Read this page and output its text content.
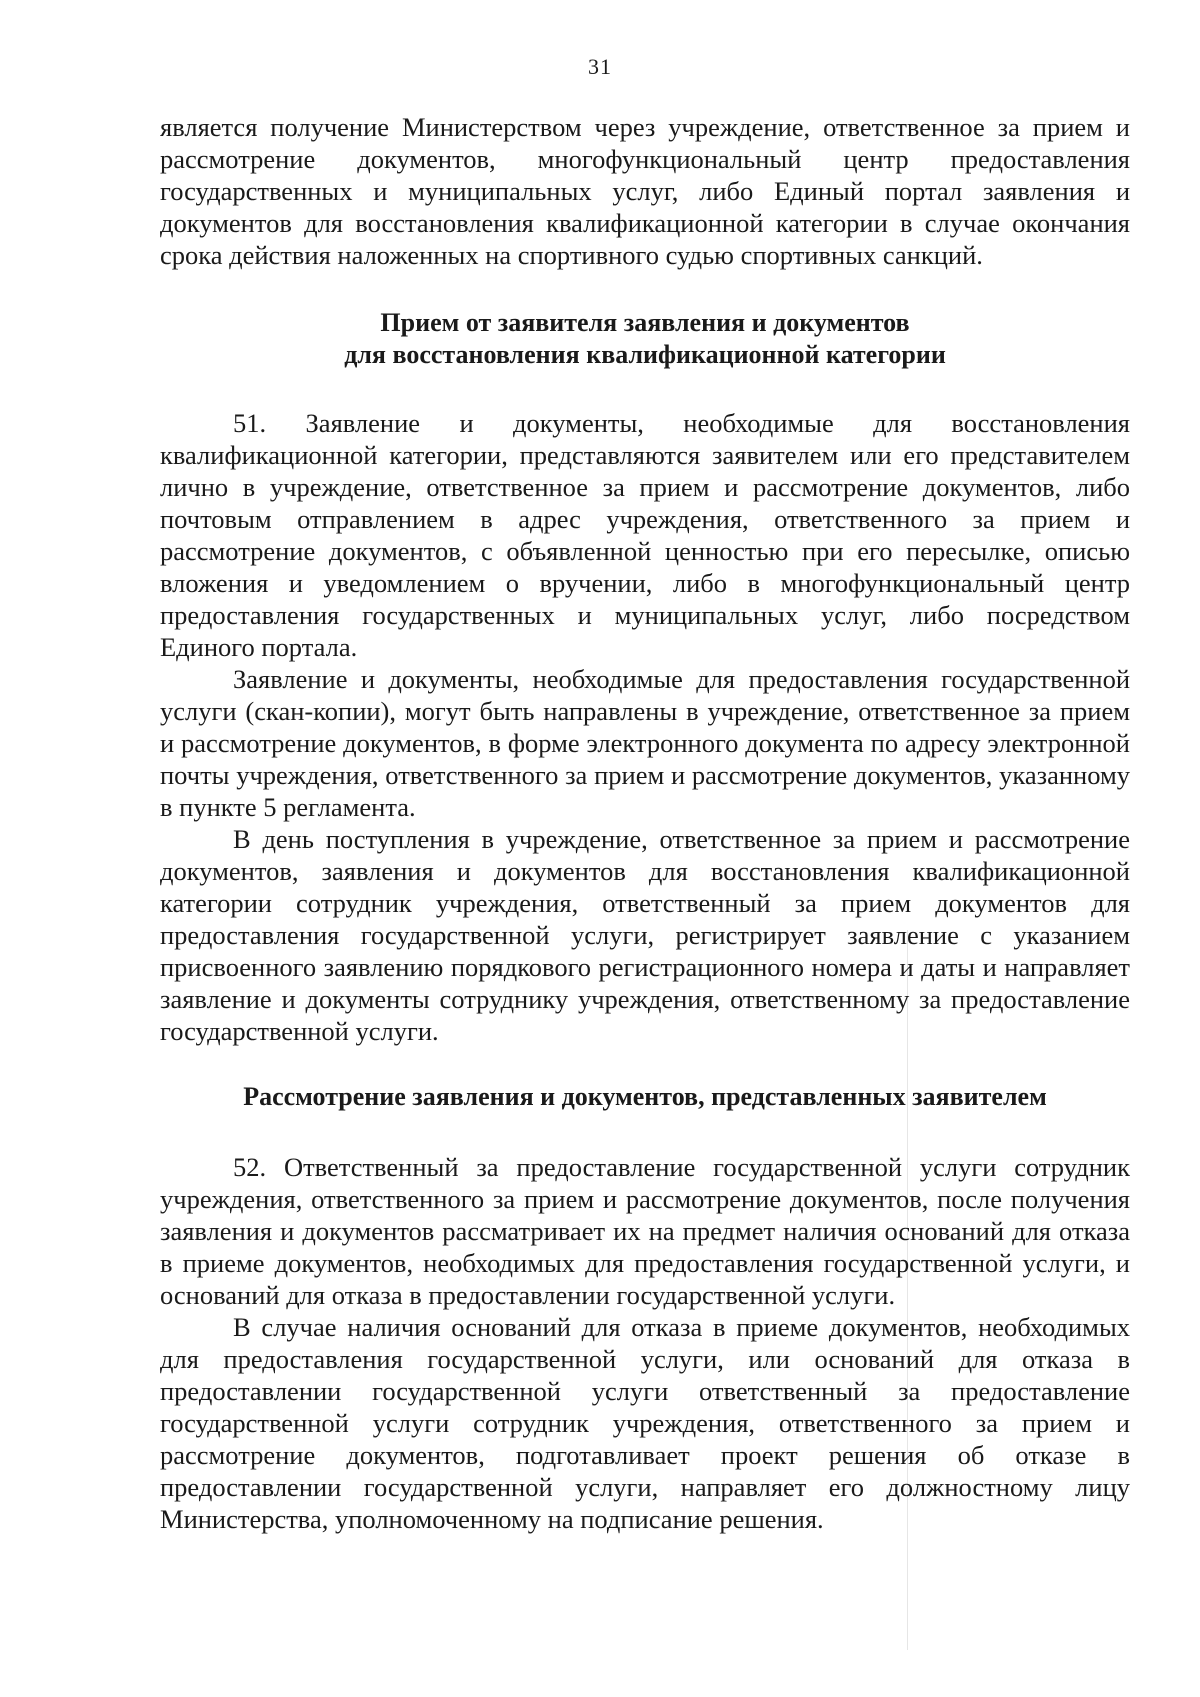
31

является получение Министерством через учреждение, ответственное за прием и рассмотрение документов, многофункциональный центр предоставления государственных и муниципальных услуг, либо Единый портал заявления и документов для восстановления квалификационной категории в случае окончания срока действия наложенных на спортивного судью спортивных санкций.

Прием от заявителя заявления и документов
для восстановления квалификационной категории

51. Заявление и документы, необходимые для восстановления квалификационной категории, представляются заявителем или его представителем лично в учреждение, ответственное за прием и рассмотрение документов, либо почтовым отправлением в адрес учреждения, ответственного за прием и рассмотрение документов, с объявленной ценностью при его пересылке, описью вложения и уведомлением о вручении, либо в многофункциональный центр предоставления государственных и муниципальных услуг, либо посредством Единого портала.

Заявление и документы, необходимые для предоставления государственной услуги (скан-копии), могут быть направлены в учреждение, ответственное за прием и рассмотрение документов, в форме электронного документа по адресу электронной почты учреждения, ответственного за прием и рассмотрение документов, указанному в пункте 5 регламента.

В день поступления в учреждение, ответственное за прием и рассмотрение документов, заявления и документов для восстановления квалификационной категории сотрудник учреждения, ответственный за прием документов для предоставления государственной услуги, регистрирует заявление с указанием присвоенного заявлению порядкового регистрационного номера и даты и направляет заявление и документы сотруднику учреждения, ответственному за предоставление государственной услуги.

Рассмотрение заявления и документов, представленных заявителем

52. Ответственный за предоставление государственной услуги сотрудник учреждения, ответственного за прием и рассмотрение документов, после получения заявления и документов рассматривает их на предмет наличия оснований для отказа в приеме документов, необходимых для предоставления государственной услуги, и оснований для отказа в предоставлении государственной услуги.

В случае наличия оснований для отказа в приеме документов, необходимых для предоставления государственной услуги, или оснований для отказа в предоставлении государственной услуги ответственный за предоставление государственной услуги сотрудник учреждения, ответственного за прием и рассмотрение документов, подготавливает проект решения об отказе в предоставлении государственной услуги, направляет его должностному лицу Министерства, уполномоченному на подписание решения.
